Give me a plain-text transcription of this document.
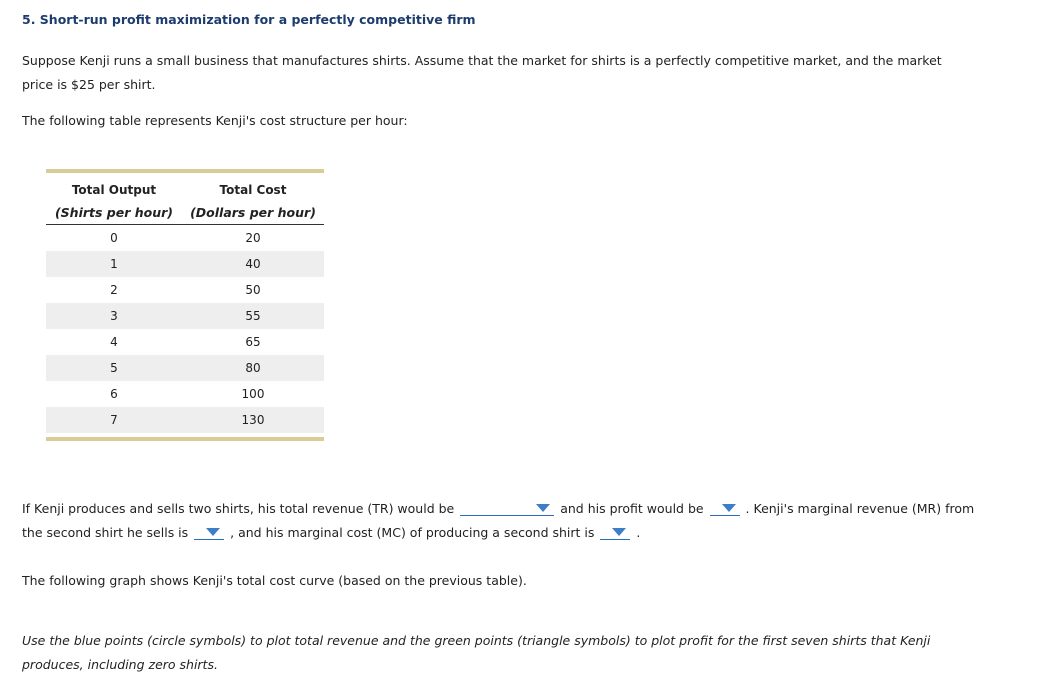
5. Short-run profit maximization for a perfectly competitive firm
Suppose Kenji runs a small business that manufactures shirts. Assume that the market for shirts is a perfectly competitive market, and the market
price is $25 per shirt.
The following table represents Kenji's cost structure per hour:
Total Output	Total Cost
(Shirts per hour)	(Dollars per hour)
0	20
1	40
2	50
3	55
4	65
5	80
6	100
7	130
If Kenji produces and sells two shirts, his total revenue (TR) would be	and his profit would be	. Kenji's marginal revenue (MR) from
the second shirt he sells is	, and his marginal cost (MC) of producing a second shirt is	.
The following graph shows Kenji's total cost curve (based on the previous table).
Use the blue points (circle symbols) to plot total revenue and the green points (triangle symbols) to plot profit for the first seven shirts that Kenji
produces, including zero shirts.
